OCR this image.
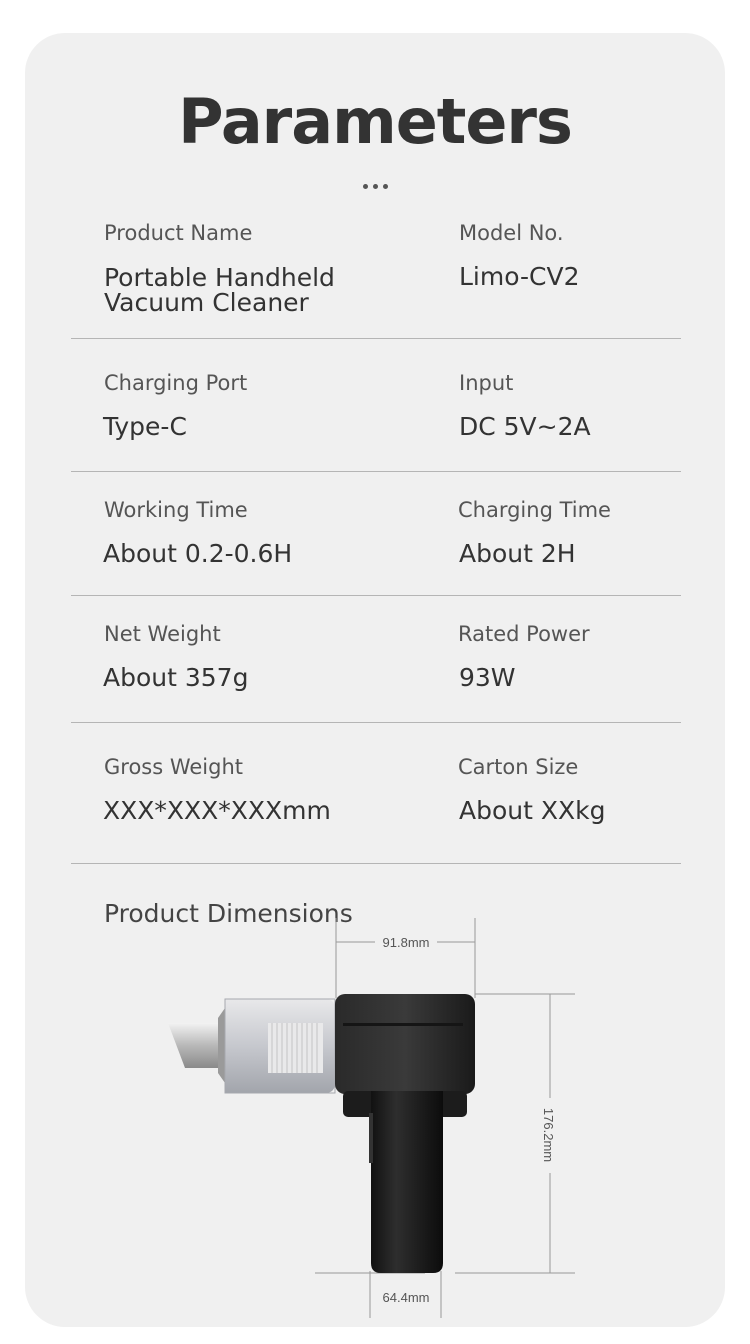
Parameters
Product Name
Portable Handheld
Vacuum Cleaner
Model No.
Limo-CV2
Charging Port
Type-C
Input
DC 5V~2A
Working Time
About 0.2-0.6H
Charging Time
About 2H
Net Weight
About 357g
Rated Power
93W
Gross Weight
XXX*XXX*XXXmm
Carton Size
About XXkg
Product Dimensions
91.8mm
176.2mm
64.4mm
